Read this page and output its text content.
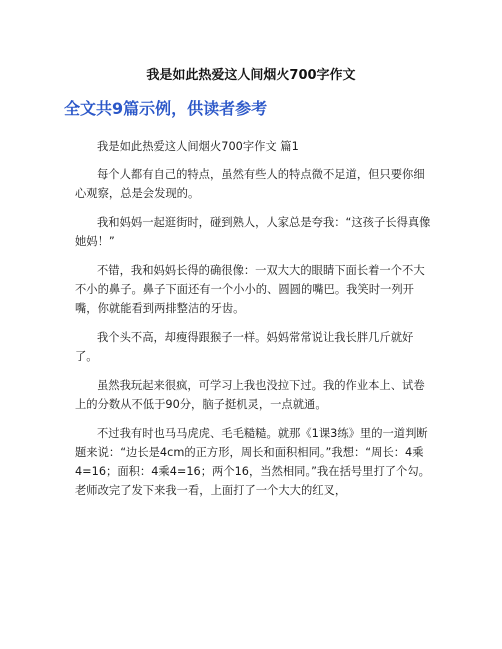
我是如此热爱这人间烟火700字作文
全文共9篇示例，供读者参考

我是如此热爱这人间烟火700字作文 篇1

每个人都有自己的特点，虽然有些人的特点微不足道，但只要你细心观察，总是会发现的。

我和妈妈一起逛街时，碰到熟人，人家总是夸我：“这孩子长得真像她妈！”

不错，我和妈妈长得的确很像：一双大大的眼睛下面长着一个不大不小的鼻子。鼻子下面还有一个小小的、圆圆的嘴巴。我笑时一列开嘴，你就能看到两排整洁的牙齿。

我个头不高，却瘦得跟猴子一样。妈妈常常说让我长胖几斤就好了。

虽然我玩起来很疯，可学习上我也没拉下过。我的作业本上、试卷上的分数从不低于90分，脑子挺机灵，一点就通。

不过我有时也马马虎虎、毛毛糙糙。就那《1课3练》里的一道判断题来说：“边长是4cm的正方形，周长和面积相同。”我想：“周长：4乘4=16；面积：4乘4=16；两个16，当然相同。”我在括号里打了个勾。老师改完了发下来我一看，上面打了一个大大的红叉，
